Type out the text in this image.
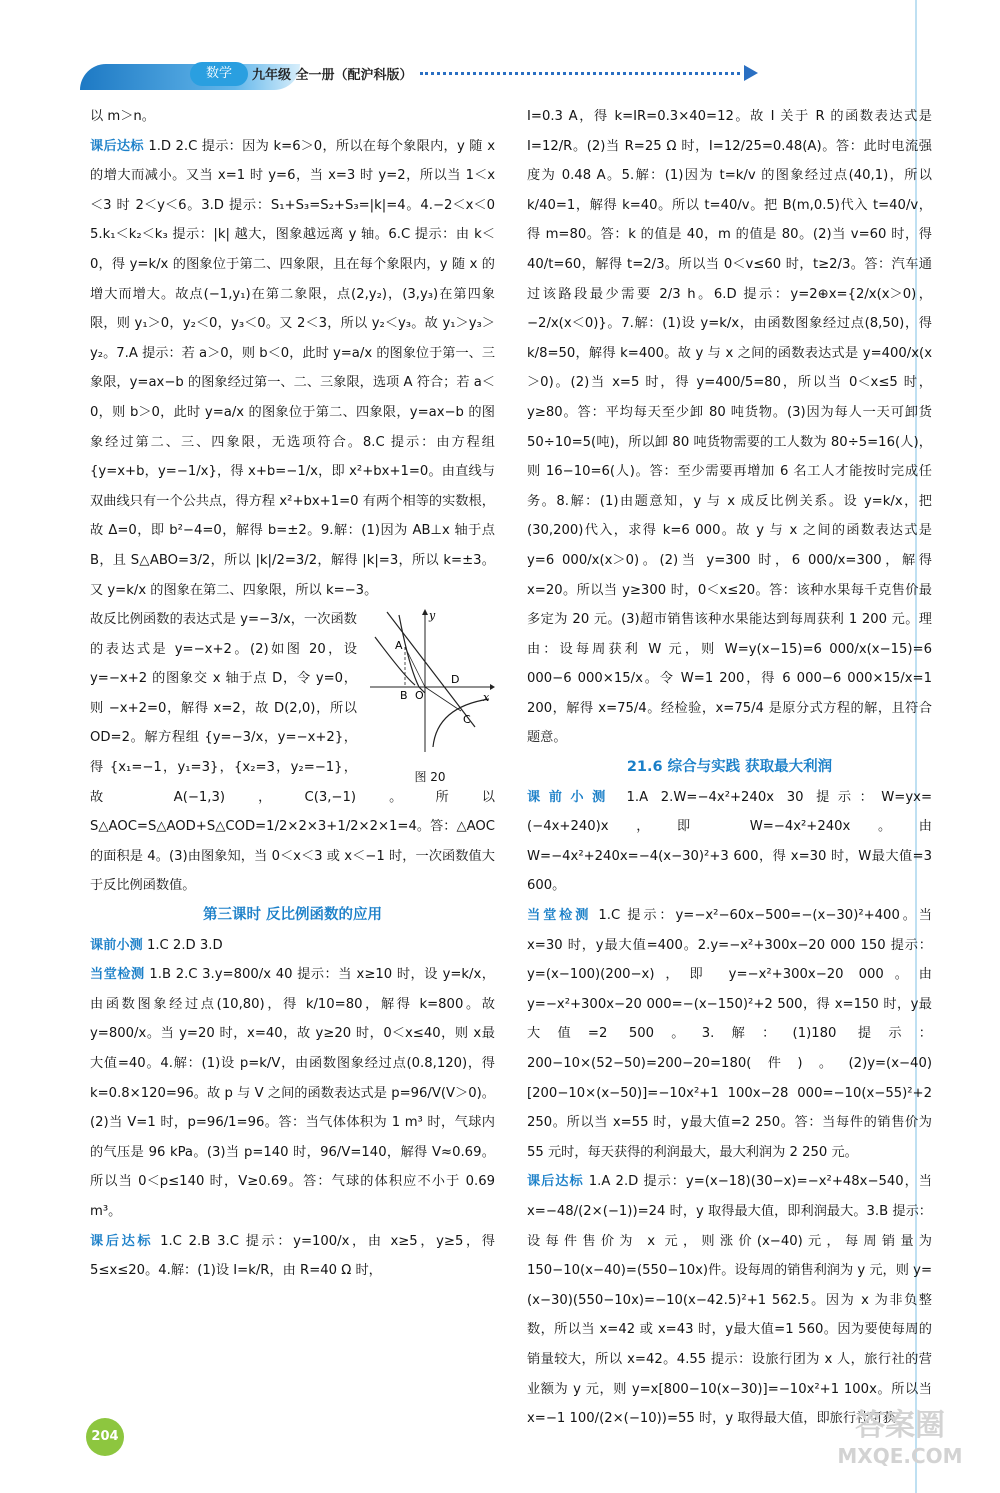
数学	九年级 全一册（配沪科版）

以 m＞n。

课后达标 1.D 2.C 提示：因为 k=6＞0，所以在每个象限内，y 随 x 的增大而减小。又当 x=1 时 y=6，当 x=3 时 y=2，所以当 1＜x＜3 时 2＜y＜6。3.D 提示：S₁+S₃=S₂+S₃=|k|=4。4.−2＜x＜0 5.k₁＜k₂＜k₃ 提示：|k| 越大，图象越远离 y 轴。6.C 提示：由 k＜0，得 y=k/x 的图象位于第二、四象限，且在每个象限内，y 随 x 的增大而增大。故点(−1,y₁)在第二象限，点(2,y₂)，(3,y₃)在第四象限，则 y₁＞0，y₂＜0，y₃＜0。又 2＜3，所以 y₂＜y₃。故 y₁＞y₃＞y₂。7.A 提示：若 a＞0，则 b＜0，此时 y=a/x 的图象位于第一、三象限，y=ax−b 的图象经过第一、二、三象限，选项 A 符合；若 a＜0，则 b＞0，此时 y=a/x 的图象位于第二、四象限，y=ax−b 的图象经过第二、三、四象限，无选项符合。8.C 提示：由方程组 {y=x+b，y=−1/x}，得 x+b=−1/x，即 x²+bx+1=0。由直线与双曲线只有一个公共点，得方程 x²+bx+1=0 有两个相等的实数根，故 Δ=0，即 b²−4=0，解得 b=±2。9.解：(1)因为 AB⊥x 轴于点 B，且 S△ABO=3/2，所以 |k|/2=3/2，解得 |k|=3，所以 k=±3。又 y=k/x 的图象在第二、四象限，所以 k=−3。

A
B O
D
C
x
y
图 20

故反比例函数的表达式是 y=−3/x，一次函数的表达式是 y=−x+2。(2)如图 20，设 y=−x+2 的图象交 x 轴于点 D，令 y=0，则 −x+2=0，解得 x=2，故 D(2,0)，所以 OD=2。解方程组 {y=−3/x，y=−x+2}，得 {x₁=−1，y₁=3}，{x₂=3，y₂=−1}，故 A(−1,3)，C(3,−1)。所以 S△AOC=S△AOD+S△COD=1/2×2×3+1/2×2×1=4。答：△AOC 的面积是 4。(3)由图象知，当 0＜x＜3 或 x＜−1 时，一次函数值大于反比例函数值。

第三课时 反比例函数的应用

课前小测 1.C 2.D 3.D

当堂检测 1.B 2.C 3.y=800/x 40 提示：当 x≥10 时，设 y=k/x，由函数图象经过点(10,80)，得 k/10=80，解得 k=800。故 y=800/x。当 y=20 时，x=40，故 y≥20 时，0＜x≤40，则 x最大值=40。4.解：(1)设 p=k/V，由函数图象经过点(0.8,120)，得 k=0.8×120=96。故 p 与 V 之间的函数表达式是 p=96/V(V＞0)。(2)当 V=1 时，p=96/1=96。答：当气体体积为 1 m³ 时，气球内的气压是 96 kPa。(3)当 p=140 时，96/V=140，解得 V≈0.69。所以当 0＜p≤140 时，V≥0.69。答：气球的体积应不小于 0.69 m³。

课后达标 1.C 2.B 3.C 提示：y=100/x，由 x≥5，y≥5，得 5≤x≤20。4.解：(1)设 I=k/R，由 R=40 Ω 时，

I=0.3 A，得 k=IR=0.3×40=12。故 I 关于 R 的函数表达式是 I=12/R。(2)当 R=25 Ω 时，I=12/25=0.48(A)。答：此时电流强度为 0.48 A。5.解：(1)因为 t=k/v 的图象经过点(40,1)，所以 k/40=1，解得 k=40。所以 t=40/v。把 B(m,0.5)代入 t=40/v，得 m=80。答：k 的值是 40，m 的值是 80。(2)当 v=60 时，得 40/t=60，解得 t=2/3。所以当 0＜v≤60 时，t≥2/3。答：汽车通过该路段最少需要 2/3 h。6.D 提示：y=2⊕x={2/x(x＞0)，−2/x(x＜0)}。7.解：(1)设 y=k/x，由函数图象经过点(8,50)，得 k/8=50，解得 k=400。故 y 与 x 之间的函数表达式是 y=400/x(x＞0)。(2)当 x=5 时，得 y=400/5=80，所以当 0＜x≤5 时，y≥80。答：平均每天至少卸 80 吨货物。(3)因为每人一天可卸货 50÷10=5(吨)，所以卸 80 吨货物需要的工人数为 80÷5=16(人)，则 16−10=6(人)。答：至少需要再增加 6 名工人才能按时完成任务。8.解：(1)由题意知，y 与 x 成反比例关系。设 y=k/x，把(30,200)代入，求得 k=6 000。故 y 与 x 之间的函数表达式是 y=6 000/x(x＞0)。(2)当 y=300 时，6 000/x=300，解得 x=20。所以当 y≥300 时，0＜x≤20。答：该种水果每千克售价最多定为 20 元。(3)超市销售该种水果能达到每周获利 1 200 元。理由：设每周获利 W 元，则 W=y(x−15)=6 000/x(x−15)=6 000−6 000×15/x。令 W=1 200，得 6 000−6 000×15/x=1 200，解得 x=75/4。经检验，x=75/4 是原分式方程的解，且符合题意。

21.6 综合与实践 获取最大利润

课前小测 1.A 2.W=−4x²+240x 30 提示：W=yx=(−4x+240)x，即 W=−4x²+240x。由 W=−4x²+240x=−4(x−30)²+3 600，得 x=30 时，W最大值=3 600。

当堂检测 1.C 提示：y=−x²−60x−500=−(x−30)²+400。当 x=30 时，y最大值=400。2.y=−x²+300x−20 000 150 提示：y=(x−100)(200−x)，即 y=−x²+300x−20 000。由 y=−x²+300x−20 000=−(x−150)²+2 500，得 x=150 时，y最大值=2 500。3.解：(1)180 提示：200−10×(52−50)=200−20=180(件)。(2)y=(x−40)[200−10×(x−50)]=−10x²+1 100x−28 000=−10(x−55)²+2 250。所以当 x=55 时，y最大值=2 250。答：当每件的销售价为 55 元时，每天获得的利润最大，最大利润为 2 250 元。

课后达标 1.A 2.D 提示：y=(x−18)(30−x)=−x²+48x−540，当 x=−48/(2×(−1))=24 时，y 取得最大值，即利润最大。3.B 提示：设每件售价为 x 元，则涨价(x−40)元，每周销量为 150−10(x−40)=(550−10x)件。设每周的销售利润为 y 元，则 y=(x−30)(550−10x)=−10(x−42.5)²+1 562.5。因为 x 为非负整数，所以当 x=42 或 x=43 时，y最大值=1 560。因为要使每周的销量较大，所以 x=42。4.55 提示：设旅行团为 x 人，旅行社的营业额为 y 元，则 y=x[800−10(x−30)]=−10x²+1 100x。所以当 x=−1 100/(2×(−10))=55 时，y 取得最大值，即旅行社可获

204	答案圈
MXQE.COM
